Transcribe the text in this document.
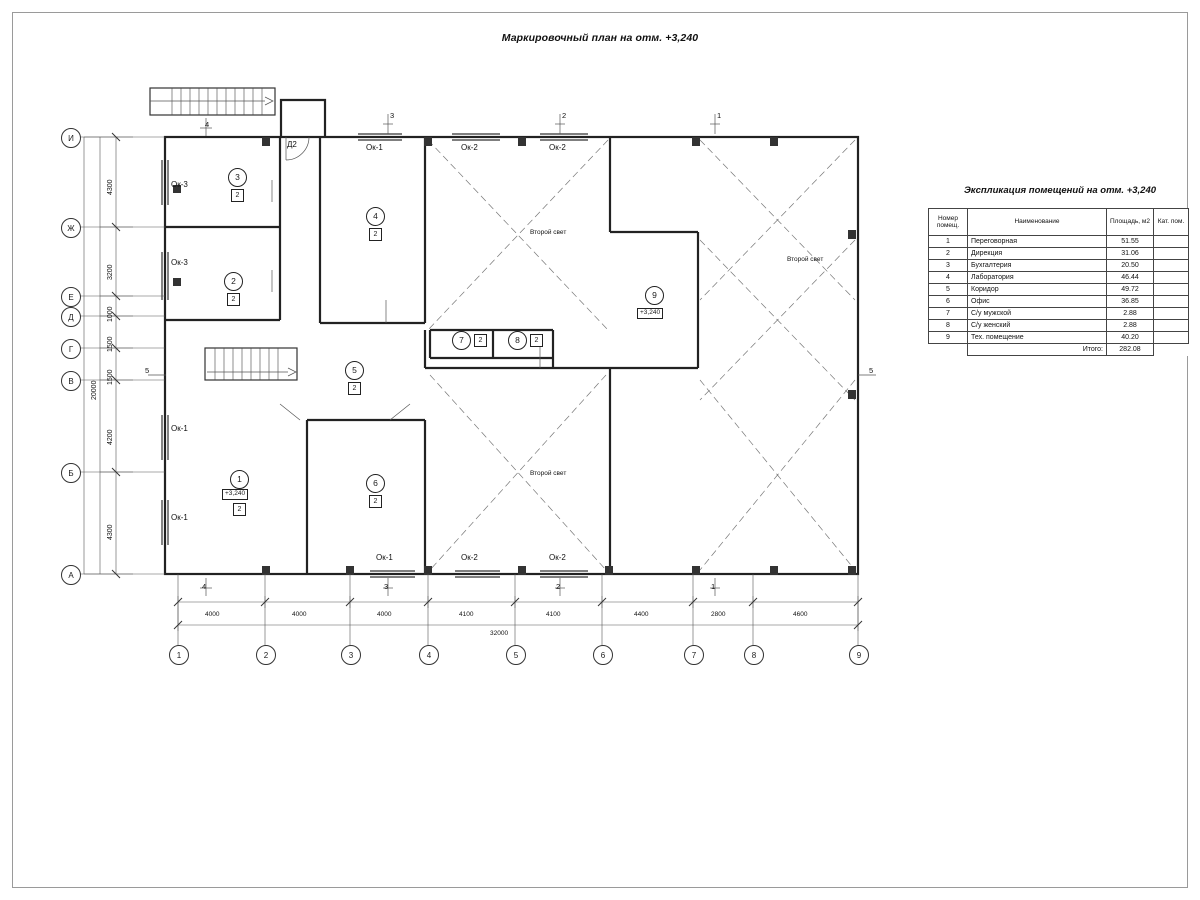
Маркировочный план на отм. +3,240
1	2	3	4	5	6	7	8	9
А
Б
В
Г
Д
Е
Ж
И
4000	4000	4000	4100	4100	4400	2800	4600
32000
4300
3200
1000
1500
1500
4200
4300
20000
3	2	1
4
5	5
4	3	2	1
Ок-3
Ок-3
Ок-1
Ок-1
Ок-1
Ок-1
Ок-2	Ок-2
Ок-2	Ок-2
Д2
Второй свет
Второй свет
Второй свет
3
2
2
2
4
2
5
2
1
+3,240
2
6
2
7	2	8	2
9
+3,240
Экспликация помещений на отм. +3,240
Номер помещ.	Наименование	Площадь, м2	Кат. пом.
1	Переговорная	51.55	
2	Дирекция	31.06	
3	Бухгалтерия	20.50	
4	Лаборатория	46.44	
5	Коридор	49.72	
6	Офис	36.85	
7	С/у мужской	2.88	
8	С/у женский	2.88	
9	Тех. помещение	40.20	
	Итого:	282.08	
